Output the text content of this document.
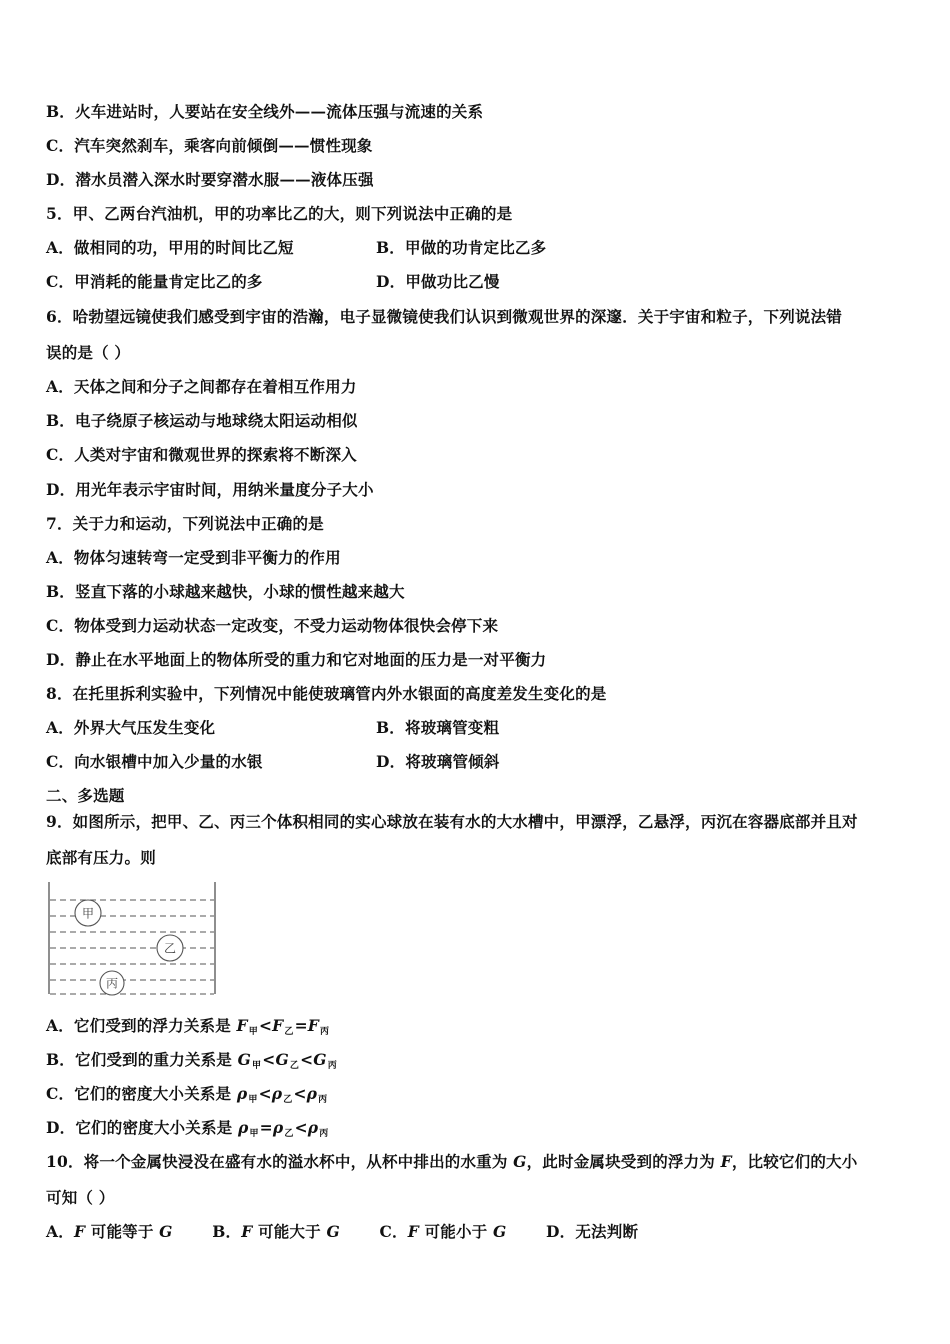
B．火车进站时，人要站在安全线外——流体压强与流速的关系
C．汽车突然刹车，乘客向前倾倒——惯性现象
D．潜水员潜入深水时要穿潜水服——液体压强
5．甲、乙两台汽油机，甲的功率比乙的大，则下列说法中正确的是
A．做相同的功，甲用的时间比乙短	B．甲做的功肯定比乙多
C．甲消耗的能量肯定比乙的多	D．甲做功比乙慢
6．哈勃望远镜使我们感受到宇宙的浩瀚，电子显微镜使我们认识到微观世界的深邃．关于宇宙和粒子，下列说法错
误的是（ ）
A．天体之间和分子之间都存在着相互作用力
B．电子绕原子核运动与地球绕太阳运动相似
C．人类对宇宙和微观世界的探索将不断深入
D．用光年表示宇宙时间，用纳米量度分子大小
7．关于力和运动，下列说法中正确的是
A．物体匀速转弯一定受到非平衡力的作用
B．竖直下落的小球越来越快，小球的惯性越来越大
C．物体受到力运动状态一定改变，不受力运动物体很快会停下来
D．静止在水平地面上的物体所受的重力和它对地面的压力是一对平衡力
8．在托里拆利实验中，下列情况中能使玻璃管内外水银面的高度差发生变化的是
A．外界大气压发生变化	B．将玻璃管变粗
C．向水银槽中加入少量的水银	D．将玻璃管倾斜
二、多选题
9．如图所示，把甲、乙、丙三个体积相同的实心球放在装有水的大水槽中，甲漂浮，乙悬浮，丙沉在容器底部并且对
底部有压力。则
甲
乙
丙
A．它们受到的浮力关系是 $F_甲<F_乙=F_丙$
B．它们受到的重力关系是 $G_甲<G_乙<G_丙$
C．它们的密度大小关系是 $\rho_甲<\rho_乙<\rho_丙$
D．它们的密度大小关系是 $\rho_甲=\rho_乙<\rho_丙$
10．将一个金属快浸没在盛有水的溢水杯中，从杯中排出的水重为 G，此时金属块受到的浮力为 F，比较它们的大小
可知（ ）
A．F 可能等于 G	B．F 可能大于 G	C．F 可能小于 G	D．无法判断
